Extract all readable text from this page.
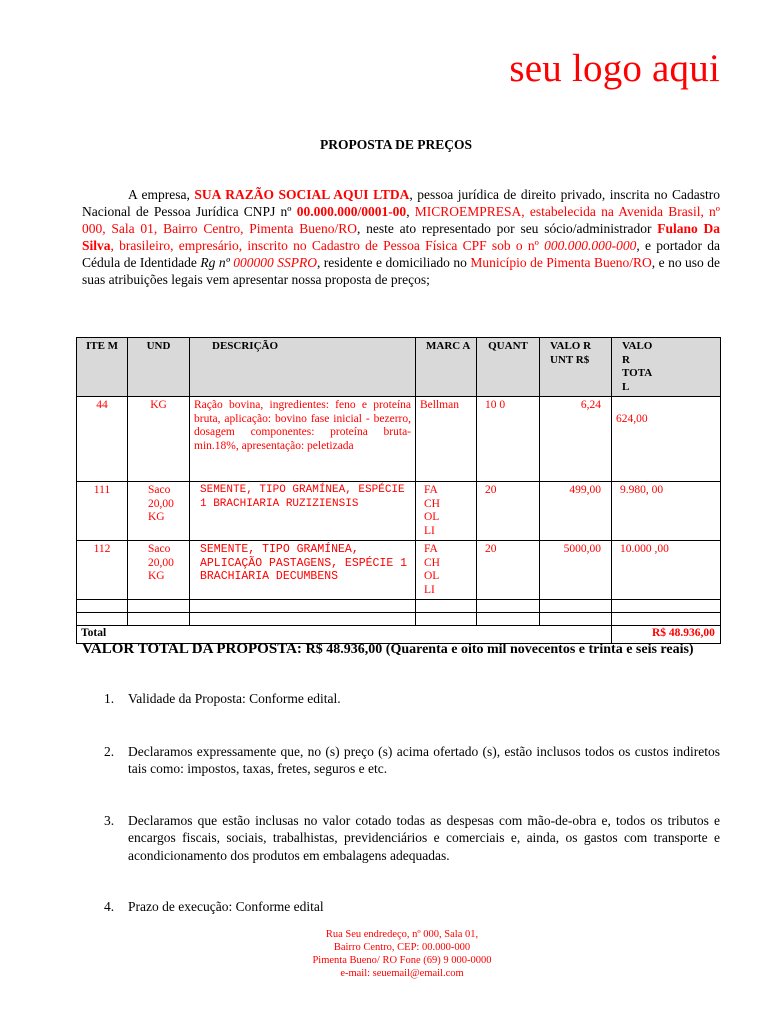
seu logo aqui
PROPOSTA DE PREÇOS
A empresa, SUA RAZÃO SOCIAL AQUI LTDA, pessoa jurídica de direito privado, inscrita no Cadastro Nacional de Pessoa Jurídica CNPJ nº 00.000.000/0001-00, MICROEMPRESA, estabelecida na Avenida Brasil, nº 000, Sala 01, Bairro Centro, Pimenta Bueno/RO, neste ato representado por seu sócio/administrador Fulano Da Silva, brasileiro, empresário, inscrito no Cadastro de Pessoa Física CPF sob o nº 000.000.000-000, e portador da Cédula de Identidade Rg nº 000000 SSPRO, residente e domiciliado no Município de Pimenta Bueno/RO, e no uso de suas atribuições legais vem apresentar nossa proposta de preços;
ITE M	UND	DESCRIÇÃO	MARC A	QUANT	VALO R UNT R$	VALO R TOTA L
44	KG	Ração bovina, ingredientes: feno e proteína bruta, aplicação: bovino fase inicial - bezerro, dosagem componentes: proteína bruta-min.18%, apresentação: peletizada	Bellman	10 0	6,24	624,00
111	Saco 20,00 KG	SEMENTE, TIPO GRAMÍNEA, ESPÉCIE 1 BRACHIARIA RUZIZIENSIS	FA CH OL LI	20	499,00	9.980, 00
112	Saco 20,00 KG	SEMENTE, TIPO GRAMÍNEA, APLICAÇÃO PASTAGENS, ESPÉCIE 1 BRACHIARIA DECUMBENS	FA CH OL LI	20	5000,00	10.000 ,00

Total						R$ 48.936,00
VALOR TOTAL DA PROPOSTA: R$ 48.936,00 (Quarenta e oito mil novecentos e trinta e seis reais)
1. Validade da Proposta: Conforme edital.
2. Declaramos expressamente que, no (s) preço (s) acima ofertado (s), estão inclusos todos os custos indiretos tais como: impostos, taxas, fretes, seguros e etc.
3. Declaramos que estão inclusas no valor cotado todas as despesas com mão-de-obra e, todos os tributos e encargos fiscais, sociais, trabalhistas, previdenciários e comerciais e, ainda, os gastos com transporte e acondicionamento dos produtos em embalagens adequadas.
4. Prazo de execução: Conforme edital
Rua Seu endredeço, nº 000, Sala 01,
Bairro Centro, CEP: 00.000-000
Pimenta Bueno/ RO Fone (69) 9 000-0000
e-mail: seuemail@email.com
